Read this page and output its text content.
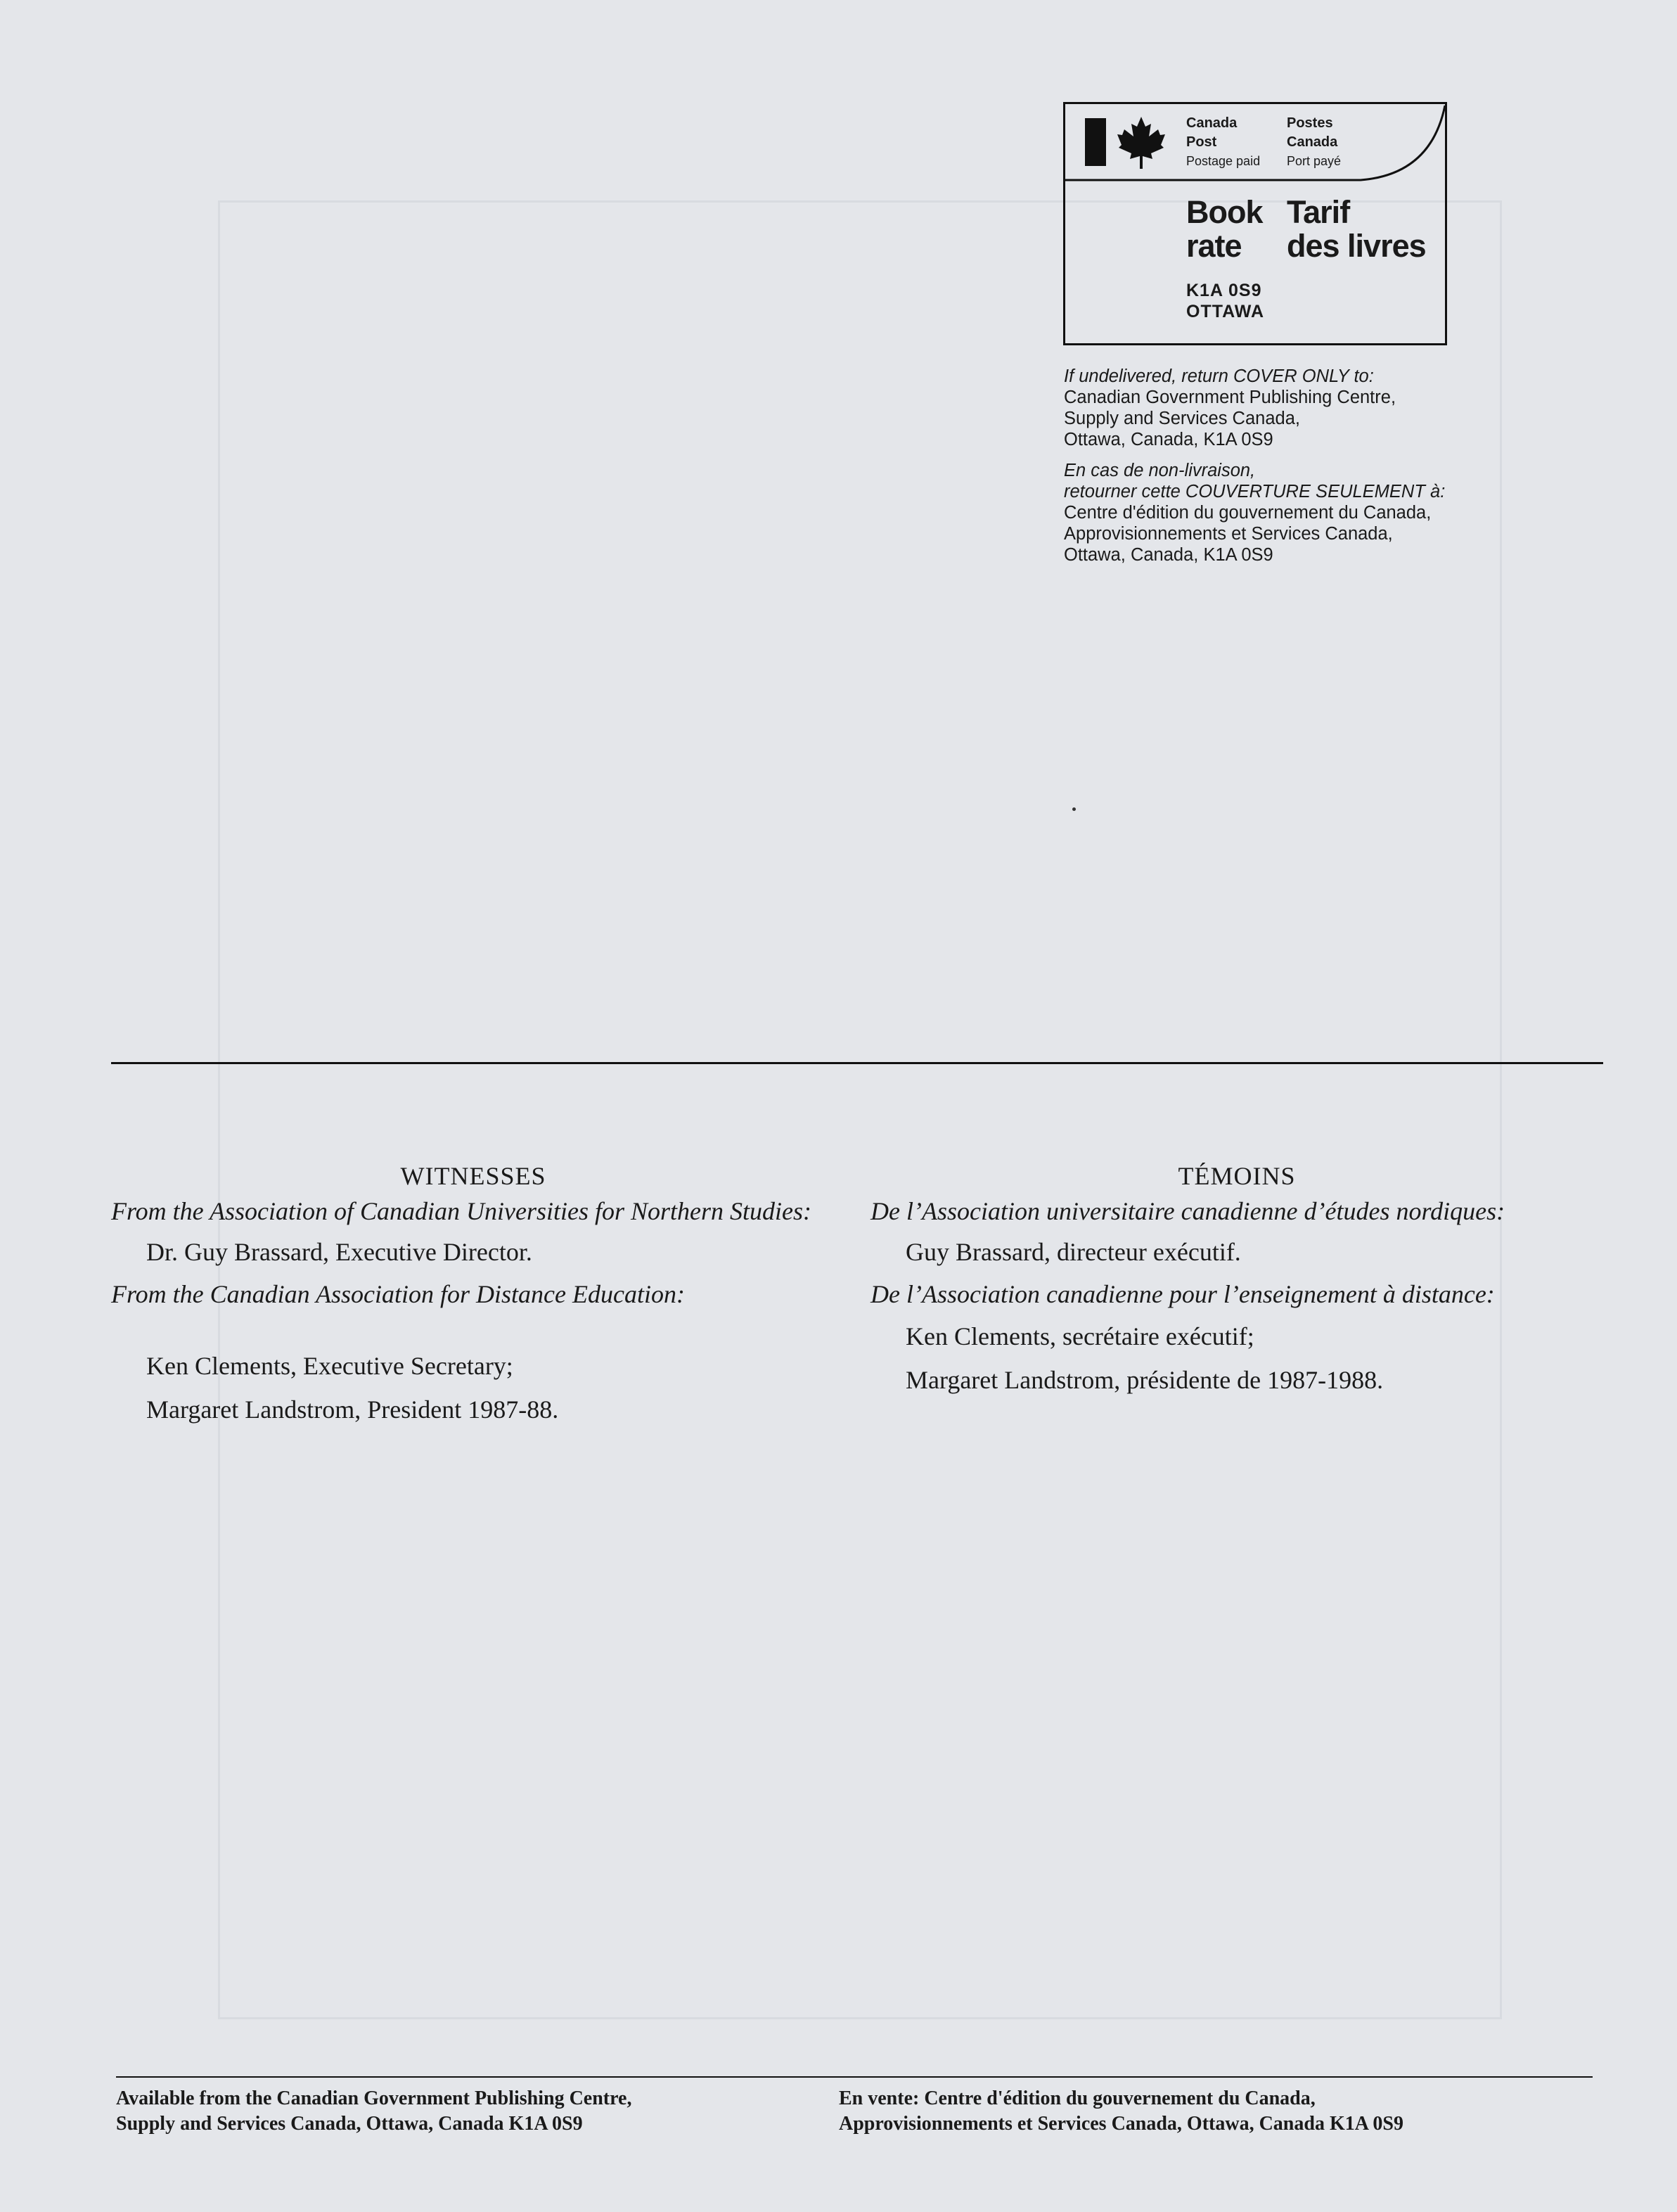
Canada
Post
Postage paid
Postes
Canada
Port payé
Book
rate
Tarif
des livres
K1A 0S9
OTTAWA

If undelivered, return COVER ONLY to:

Canadian Government Publishing Centre,

Supply and Services Canada,

Ottawa, Canada, K1A 0S9

En cas de non-livraison,

retourner cette COUVERTURE SEULEMENT à:

Centre d'édition du gouvernement du Canada,

Approvisionnements et Services Canada,

Ottawa, Canada, K1A 0S9

WITNESSES

From the Association of Canadian Universities for Northern Studies:

Dr. Guy Brassard, Executive Director.

From the Canadian Association for Distance Education:

Ken Clements, Executive Secretary;

Margaret Landstrom, President 1987-88.

TÉMOINS

De l’Association universitaire canadienne d’études nordiques:

Guy Brassard, directeur exécutif.

De l’Association canadienne pour l’enseignement à distance:

Ken Clements, secrétaire exécutif;

Margaret Landstrom, présidente de 1987-1988.

Available from the Canadian Government Publishing Centre,
Supply and Services Canada, Ottawa, Canada K1A 0S9
En vente: Centre d'édition du gouvernement du Canada,
Approvisionnements et Services Canada, Ottawa, Canada K1A 0S9
